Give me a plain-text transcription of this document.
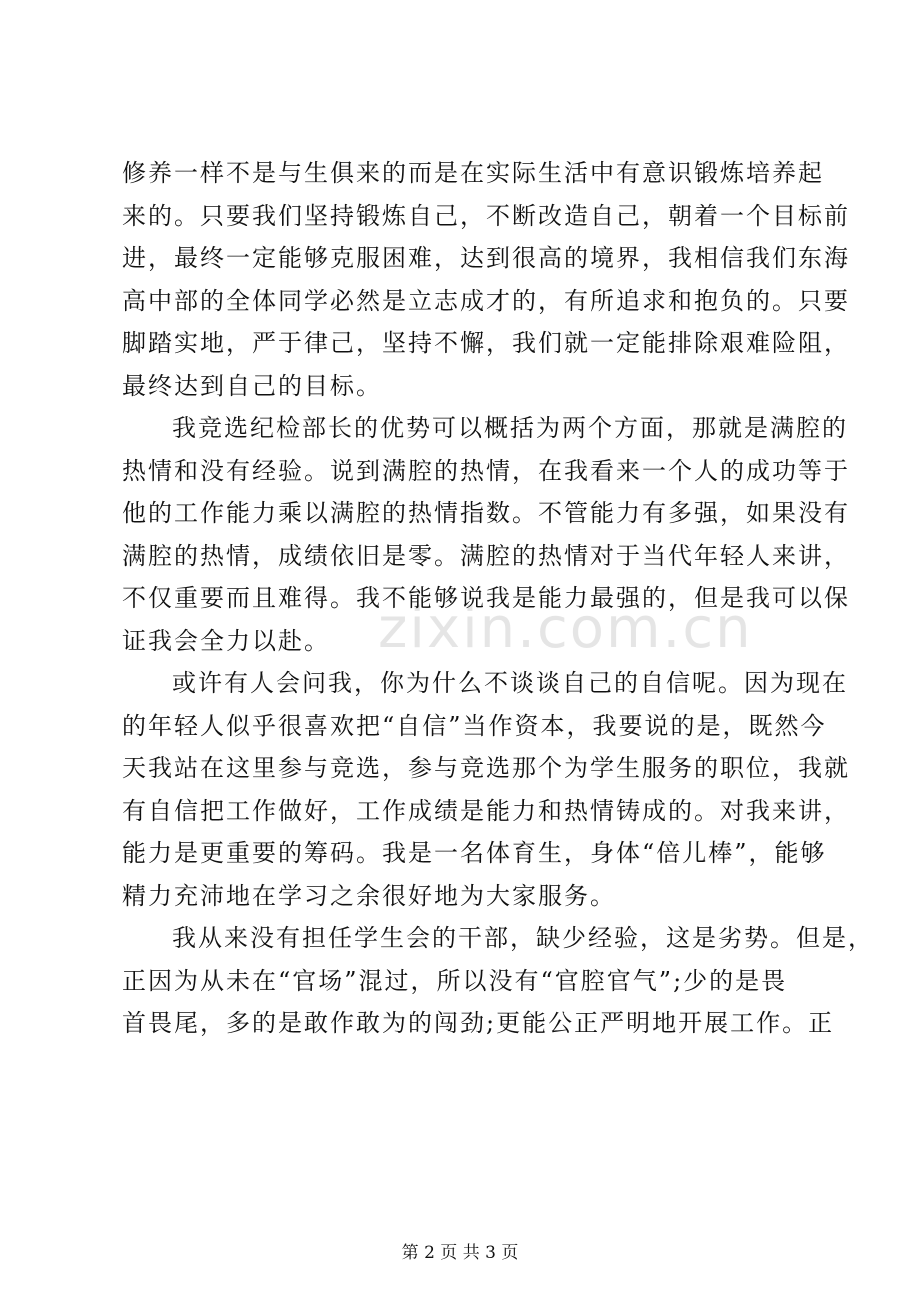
修养一样不是与生俱来的而是在实际生活中有意识锻炼培养起
来的。只要我们坚持锻炼自己，不断改造自己，朝着一个目标前
进，最终一定能够克服困难，达到很高的境界，我相信我们东海
高中部的全体同学必然是立志成才的，有所追求和抱负的。只要
脚踏实地，严于律己，坚持不懈，我们就一定能排除艰难险阻，
最终达到自己的目标。
我竞选纪检部长的优势可以概括为两个方面，那就是满腔的
热情和没有经验。说到满腔的热情，在我看来一个人的成功等于
他的工作能力乘以满腔的热情指数。不管能力有多强，如果没有
满腔的热情，成绩依旧是零。满腔的热情对于当代年轻人来讲，
不仅重要而且难得。我不能够说我是能力最强的，但是我可以保
证我会全力以赴。
或许有人会问我，你为什么不谈谈自己的自信呢。因为现在
的年轻人似乎很喜欢把“自信”当作资本，我要说的是，既然今
天我站在这里参与竞选，参与竞选那个为学生服务的职位，我就
有自信把工作做好，工作成绩是能力和热情铸成的。对我来讲，
能力是更重要的筹码。我是一名体育生，身体“倍儿棒”，能够
精力充沛地在学习之余很好地为大家服务。
我从来没有担任学生会的干部，缺少经验，这是劣势。但是，
正因为从未在“官场”混过，所以没有“官腔官气”;少的是畏
首畏尾，多的是敢作敢为的闯劲;更能公正严明地开展工作。正
zixin.com.cn
第 2 页 共 3 页
